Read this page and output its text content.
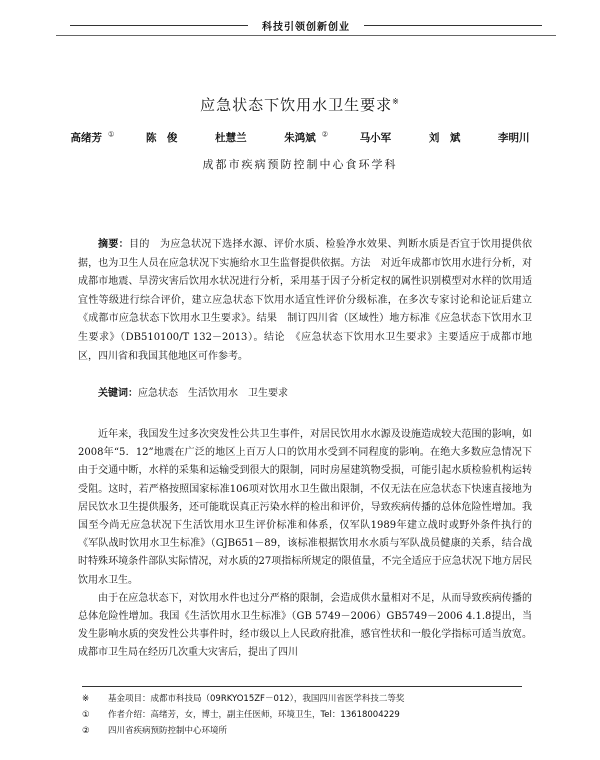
科技引领创新创业
应急状态下饮用水卫生要求※
高绪芳 ①	陈　俊	杜慧兰	朱鸿斌 ②	马小军	刘　斌	李明川
成都市疾病预防控制中心食环学科
摘要：目的　为应急状况下选择水源、评价水质、检验净水效果、判断水质是否宜于饮用提供依据，也为卫生人员在应急状况下实施给水卫生监督提供依据。方法　对近年成都市饮用水进行分析，对成都市地震、旱涝灾害后饮用水状况进行分析，采用基于因子分析定权的属性识别模型对水样的饮用适宜性等级进行综合评价，建立应急状态下饮用水适宜性评价分级标准，在多次专家讨论和论证后建立《成都市应急状态下饮用水卫生要求》。结果　制订四川省（区域性）地方标准《应急状态下饮用水卫生要求》（DB510100/T 132－2013）。结论　《应急状态下饮用水卫生要求》主要适应于成都市地区，四川省和我国其他地区可作参考。
关键词：应急状态　生活饮用水　卫生要求

近年来，我国发生过多次突发性公共卫生事件，对居民饮用水水源及设施造成较大范围的影响，如2008年“5．12”地震在广泛的地区上百万人口的饮用水受到不同程度的影响。在绝大多数应急情况下由于交通中断，水样的采集和运输受到很大的限制，同时房屋建筑物受损，可能引起水质检验机构运转受阻。这时，若严格按照国家标准106项对饮用水卫生做出限制，不仅无法在应急状态下快速直接地为居民饮水卫生提供服务，还可能耽误真正污染水样的检出和评价，导致疾病传播的总体危险性增加。我国至今尚无应急状况下生活饮用水卫生评价标准和体系，仅军队1989年建立战时或野外条件执行的《军队战时饮用水卫生标准》（GJB651－89，该标准根据饮用水水质与军队战员健康的关系，结合战时特殊环境条件部队实际情况，对水质的27项指标所规定的限值量，不完全适应于应急状况下地方居民饮用水卫生。

由于在应急状态下，对饮用水件也过分严格的限制，会造成供水量相对不足，从而导致疾病传播的总体危险性增加。我国《生活饮用水卫生标准》（GB 5749－2006）GB5749－2006 4.1.8提出，当发生影响水质的突发性公共事件时，经市级以上人民政府批准，感官性状和一般化学指标可适当放宽。成都市卫生局在经历几次重大灾害后，提出了四川

※ 基金项目：成都市科技局（09RKYO15ZF－012），我国四川省医学科技二等奖
① 作者介绍：高绪芳，女，博士，副主任医师，环境卫生，Tel：13618004229
② 四川省疾病预防控制中心环境所
